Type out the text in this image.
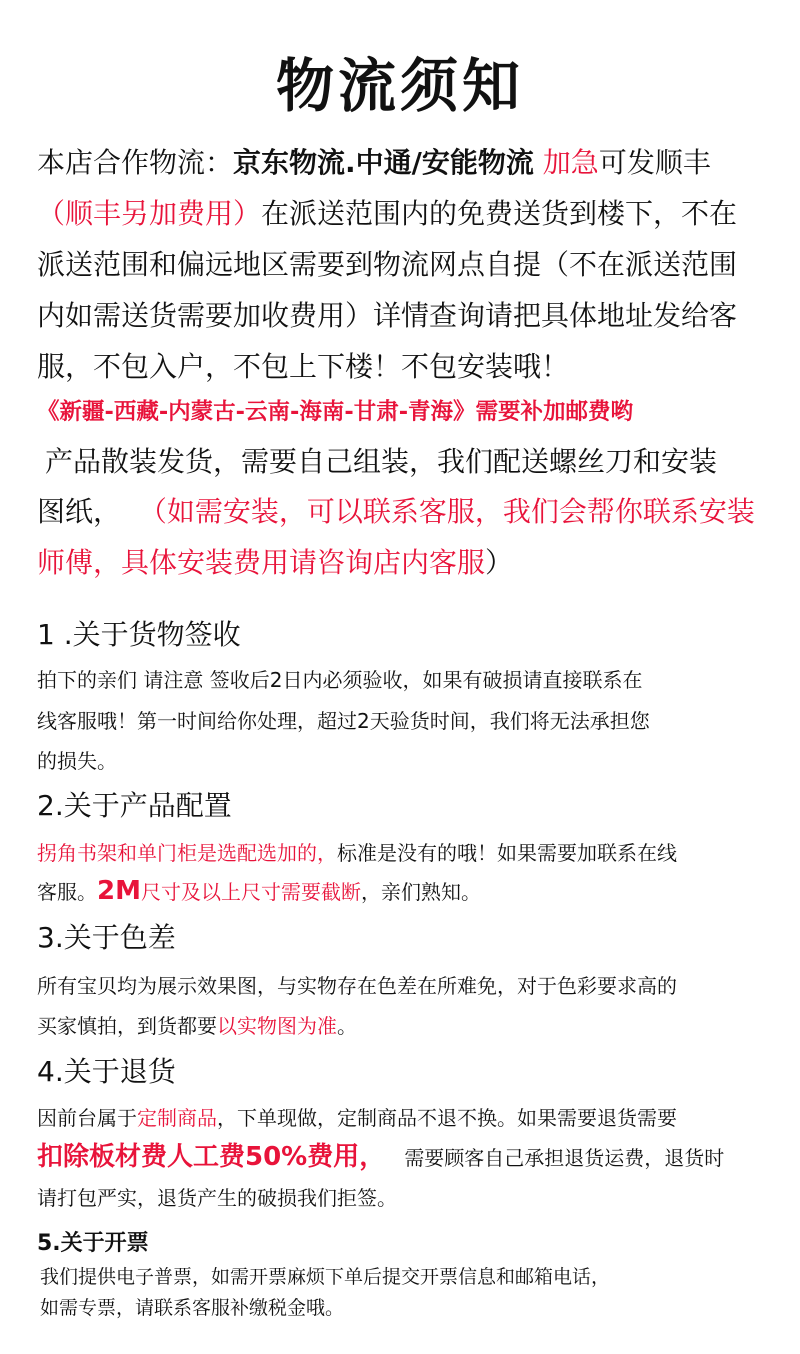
物流须知
本店合作物流：京东物流.中通/安能物流 加急可发顺丰
（顺丰另加费用）在派送范围内的免费送货到楼下，不在
派送范围和偏远地区需要到物流网点自提（不在派送范围
内如需送货需要加收费用）详情查询请把具体地址发给客
服，不包入户，不包上下楼！不包安装哦！
《新疆-西藏-内蒙古-云南-海南-甘肃-青海》需要补加邮费哟
产品散装发货，需要自己组装，我们配送螺丝刀和安装
图纸， （如需安装，可以联系客服，我们会帮你联系安装
师傅，具体安装费用请咨询店内客服）
1 .关于货物签收
拍下的亲们 请注意 签收后2日内必须验收，如果有破损请直接联系在
线客服哦！第一时间给你处理，超过2天验货时间，我们将无法承担您
的损失。
2.关于产品配置
拐角书架和单门柜是选配选加的，标准是没有的哦！如果需要加联系在线
客服。2M尺寸及以上尺寸需要截断，亲们熟知。
3.关于色差
所有宝贝均为展示效果图，与实物存在色差在所难免，对于色彩要求高的
买家慎拍，到货都要以实物图为准。
4.关于退货
因前台属于定制商品，下单现做，定制商品不退不换。如果需要退货需要
扣除板材费人工费50%费用， 需要顾客自己承担退货运费，退货时
请打包严实，退货产生的破损我们拒签。
5.关于开票
我们提供电子普票，如需开票麻烦下单后提交开票信息和邮箱电话，
如需专票，请联系客服补缴税金哦。
